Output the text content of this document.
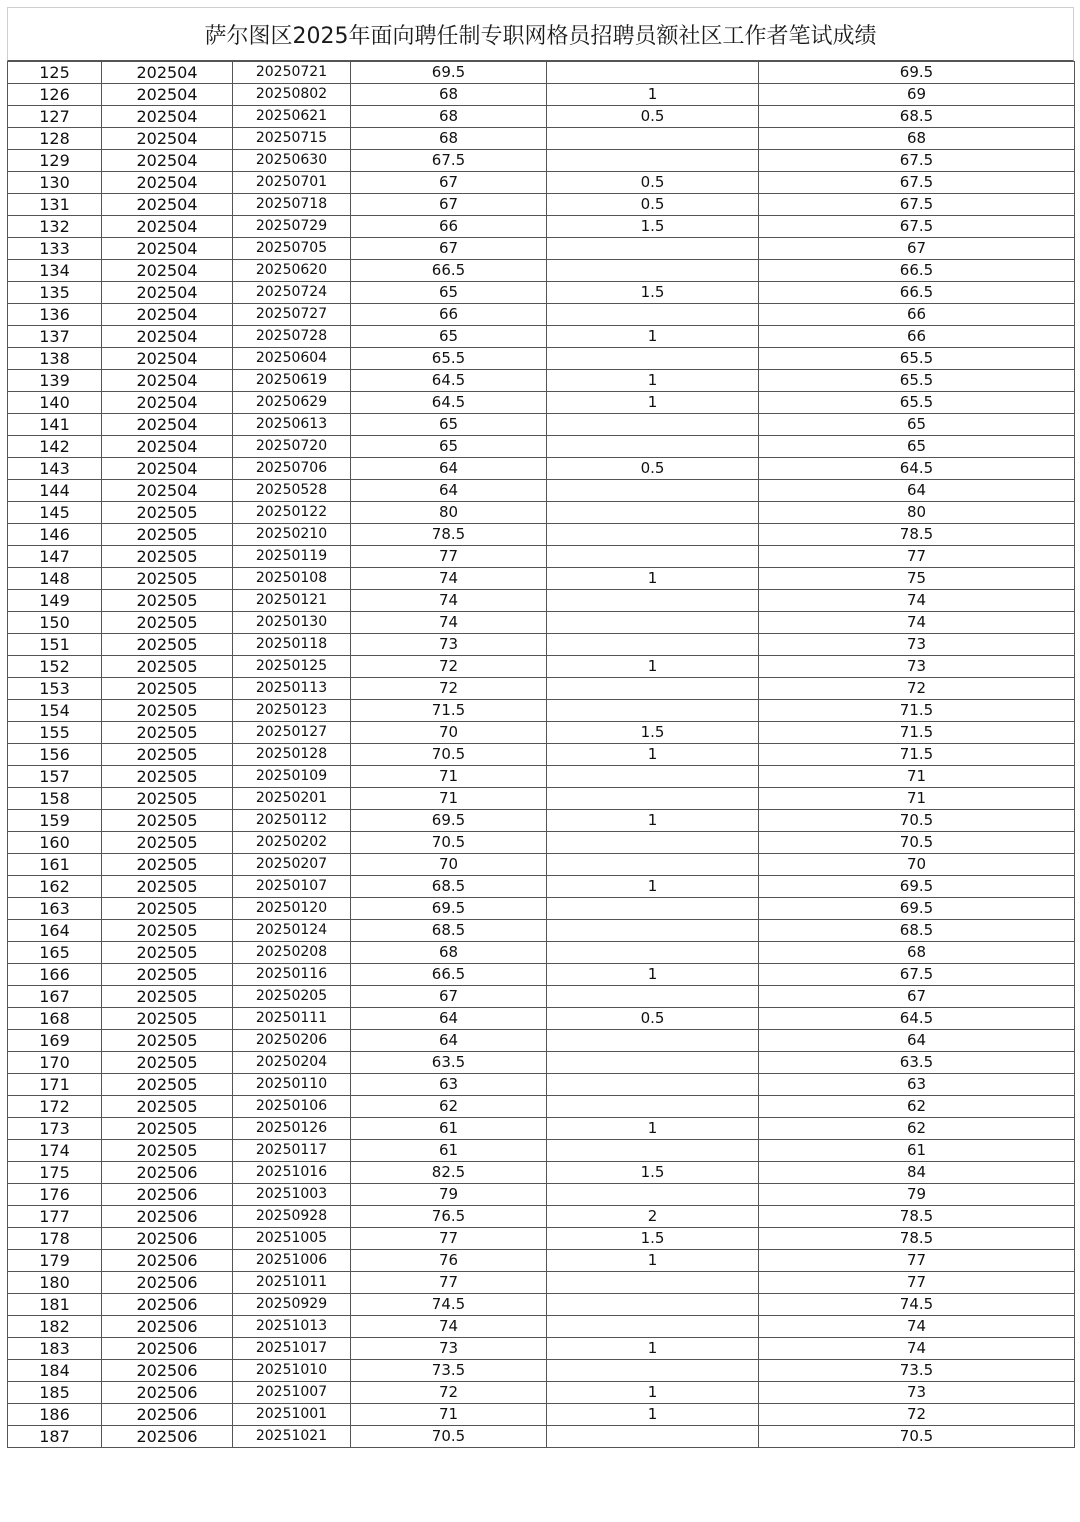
萨尔图区2025年面向聘任制专职网格员招聘员额社区工作者笔试成绩
125	202504	20250721	69.5		69.5
126	202504	20250802	68	1	69
127	202504	20250621	68	0.5	68.5
128	202504	20250715	68		68
129	202504	20250630	67.5		67.5
130	202504	20250701	67	0.5	67.5
131	202504	20250718	67	0.5	67.5
132	202504	20250729	66	1.5	67.5
133	202504	20250705	67		67
134	202504	20250620	66.5		66.5
135	202504	20250724	65	1.5	66.5
136	202504	20250727	66		66
137	202504	20250728	65	1	66
138	202504	20250604	65.5		65.5
139	202504	20250619	64.5	1	65.5
140	202504	20250629	64.5	1	65.5
141	202504	20250613	65		65
142	202504	20250720	65		65
143	202504	20250706	64	0.5	64.5
144	202504	20250528	64		64
145	202505	20250122	80		80
146	202505	20250210	78.5		78.5
147	202505	20250119	77		77
148	202505	20250108	74	1	75
149	202505	20250121	74		74
150	202505	20250130	74		74
151	202505	20250118	73		73
152	202505	20250125	72	1	73
153	202505	20250113	72		72
154	202505	20250123	71.5		71.5
155	202505	20250127	70	1.5	71.5
156	202505	20250128	70.5	1	71.5
157	202505	20250109	71		71
158	202505	20250201	71		71
159	202505	20250112	69.5	1	70.5
160	202505	20250202	70.5		70.5
161	202505	20250207	70		70
162	202505	20250107	68.5	1	69.5
163	202505	20250120	69.5		69.5
164	202505	20250124	68.5		68.5
165	202505	20250208	68		68
166	202505	20250116	66.5	1	67.5
167	202505	20250205	67		67
168	202505	20250111	64	0.5	64.5
169	202505	20250206	64		64
170	202505	20250204	63.5		63.5
171	202505	20250110	63		63
172	202505	20250106	62		62
173	202505	20250126	61	1	62
174	202505	20250117	61		61
175	202506	20251016	82.5	1.5	84
176	202506	20251003	79		79
177	202506	20250928	76.5	2	78.5
178	202506	20251005	77	1.5	78.5
179	202506	20251006	76	1	77
180	202506	20251011	77		77
181	202506	20250929	74.5		74.5
182	202506	20251013	74		74
183	202506	20251017	73	1	74
184	202506	20251010	73.5		73.5
185	202506	20251007	72	1	73
186	202506	20251001	71	1	72
187	202506	20251021	70.5		70.5
